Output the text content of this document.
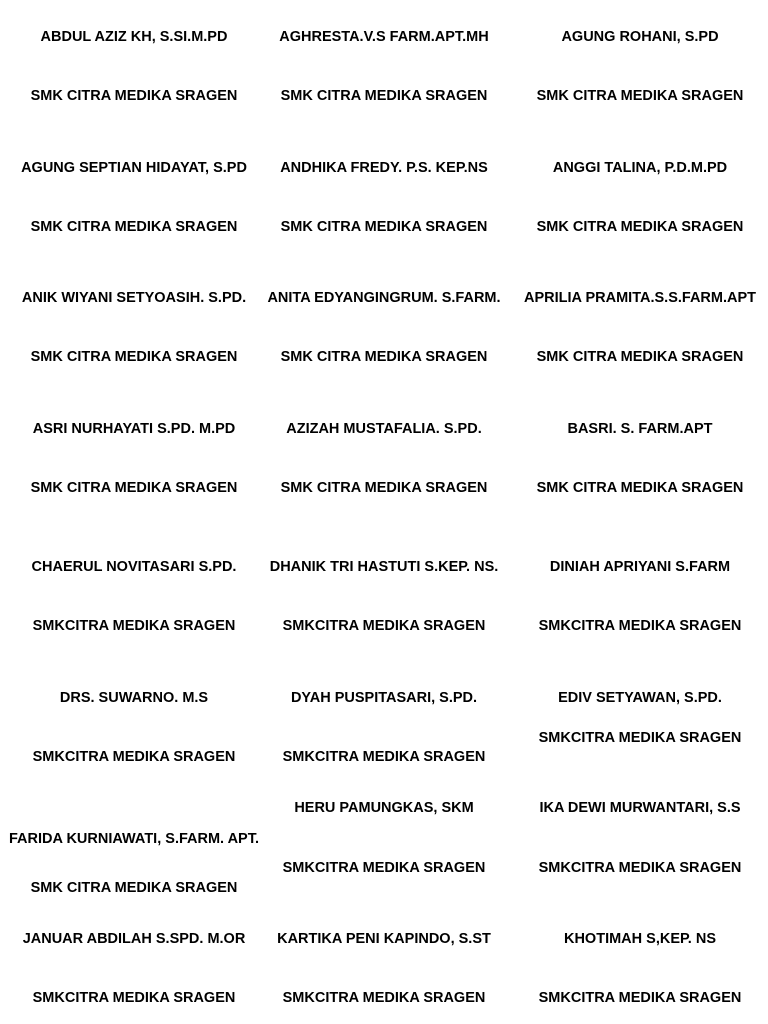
ABDUL AZIZ KH, S.SI.M.PD

SMK CITRA MEDIKA SRAGEN

AGHRESTA.V.S FARM.APT.MH

SMK CITRA MEDIKA SRAGEN

AGUNG ROHANI, S.PD

SMK CITRA MEDIKA SRAGEN

AGUNG SEPTIAN HIDAYAT, S.PD

SMK CITRA MEDIKA SRAGEN

ANDHIKA FREDY. P.S. KEP.NS

SMK CITRA MEDIKA SRAGEN

ANGGI TALINA, P.D.M.PD

SMK CITRA MEDIKA SRAGEN

ANIK WIYANI SETYOASIH. S.PD.

SMK CITRA MEDIKA SRAGEN

ANITA EDYANGINGRUM. S.FARM.

SMK CITRA MEDIKA SRAGEN

APRILIA PRAMITA.S.S.FARM.APT

SMK CITRA MEDIKA SRAGEN

ASRI NURHAYATI S.PD. M.PD

SMK CITRA MEDIKA SRAGEN

AZIZAH MUSTAFALIA. S.PD.

SMK CITRA MEDIKA SRAGEN

BASRI. S. FARM.APT

SMK CITRA MEDIKA SRAGEN

CHAERUL NOVITASARI S.PD.

SMKCITRA MEDIKA SRAGEN

DHANIK TRI HASTUTI S.KEP. NS.

SMKCITRA MEDIKA SRAGEN

DINIAH APRIYANI S.FARM

SMKCITRA MEDIKA SRAGEN

DRS. SUWARNO. M.S

SMKCITRA MEDIKA SRAGEN

DYAH PUSPITASARI, S.PD.

SMKCITRA MEDIKA SRAGEN

EDIV SETYAWAN, S.PD.

SMKCITRA MEDIKA SRAGEN

FARIDA KURNIAWATI, S.FARM. APT.

SMK CITRA MEDIKA SRAGEN

HERU PAMUNGKAS, SKM

SMKCITRA MEDIKA SRAGEN

IKA DEWI MURWANTARI, S.S

SMKCITRA MEDIKA SRAGEN

JANUAR ABDILAH S.SPD. M.OR

SMKCITRA MEDIKA SRAGEN

KARTIKA PENI KAPINDO, S.ST

SMKCITRA MEDIKA SRAGEN

KHOTIMAH S,KEP. NS

SMKCITRA MEDIKA SRAGEN
